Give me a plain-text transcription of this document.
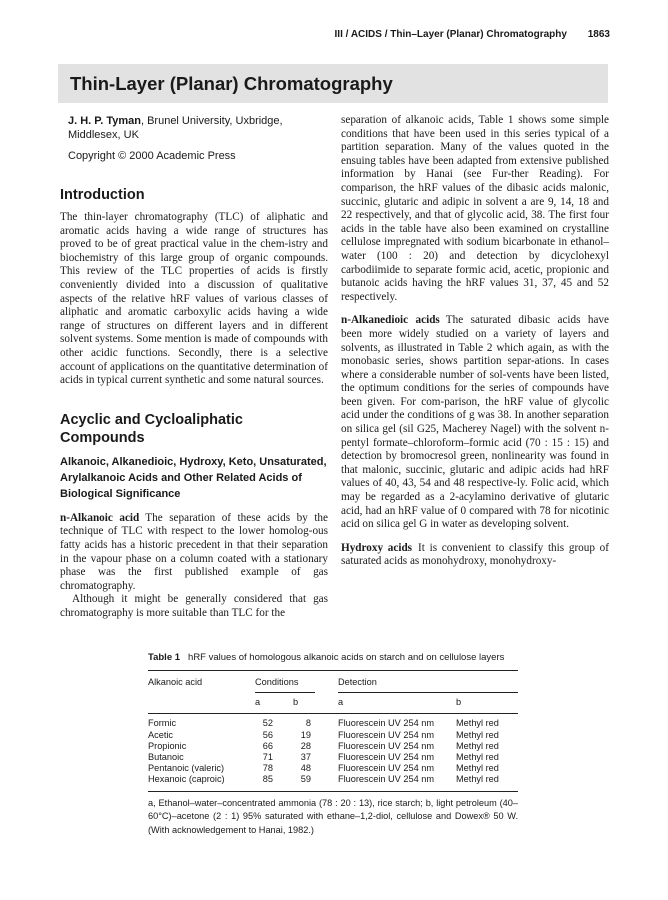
III / ACIDS / Thin–Layer (Planar) Chromatography 1863
Thin-Layer (Planar) Chromatography
J. H. P. Tyman, Brunel University, Uxbridge,
Middlesex, UK
Copyright © 2000 Academic Press
Introduction

The thin-layer chromatography (TLC) of aliphatic and aromatic acids having a wide range of structures has proved to be of great practical value in the chem-istry and biochemistry of this large group of organic compounds. This review of the TLC properties of acids is firstly conveniently divided into a discussion of qualitative aspects of the relative hRF values of various classes of aliphatic and aromatic carboxylic acids having a wide range of structures on different layers and in different solvent systems. Some mention is made of compounds with other acidic functions. Secondly, there is a selective account of applications on the quantitative determination of acids in typical current synthetic and some natural sources.

Acyclic and Cycloaliphatic Compounds
Alkanoic, Alkanedioic, Hydroxy, Keto, Unsaturated, Arylalkanoic Acids and Other Related Acids of Biological Significance

n-Alkanoic acid The separation of these acids by the technique of TLC with respect to the lower homolog-ous fatty acids has a historic precedent in that their separation in the vapour phase on a column coated with a stationary phase was the first published example of gas chromatography.

Although it might be generally considered that gas chromatography is more suitable than TLC for the

separation of alkanoic acids, Table 1 shows some simple conditions that have been used in this series typical of a partition separation. Many of the values quoted in the ensuing tables have been adapted from extensive published information by Hanai (see Fur-ther Reading). For comparison, the hRF values of the dibasic acids malonic, succinic, glutaric and adipic in solvent a are 9, 14, 18 and 22 respectively, and that of glycolic acid, 38. The first four acids in the table have also been examined on crystalline cellulose impregnated with sodium bicarbonate in ethanol–water (100 : 20) and detection by dicyclohexyl carbodiimide to separate formic acid, acetic, propionic and butanoic acids having the hRF values 31, 37, 45 and 52 respectively.

n-Alkanedioic acids The saturated dibasic acids have been more widely studied on a variety of layers and solvents, as illustrated in Table 2 which again, as with the monobasic series, shows partition separ-ations. In cases where a considerable number of sol-vents have been listed, the optimum conditions for the series of compounds have been given. For com-parison, the hRF value of glycolic acid under the conditions of g was 38. In another separation on silica gel (sil G25, Macherey Nagel) with the solvent n-pentyl formate–chloroform–formic acid (70 : 15 : 15) and detection by bromocresol green, nonlinearity was found in that malonic, succinic, glutaric and adipic acids had hRF values of 40, 43, 54 and 48 respective-ly. Folic acid, which may be regarded as a 2-acylamino derivative of glutaric acid, had an hRF value of 0 compared with 78 for nicotinic acid on silica gel G in water as developing solvent.

Hydroxy acids It is convenient to classify this group of saturated acids as monohydroxy, monohydroxy-

Table 1 hRF values of homologous alkanoic acids on starch and on cellulose layers
Alkanoic acid	Conditions		Detection	

	a	b	a	b

Formic	52	8	Fluorescein UV 254 nm	Methyl red
Acetic	56	19	Fluorescein UV 254 nm	Methyl red
Propionic	66	28	Fluorescein UV 254 nm	Methyl red
Butanoic	71	37	Fluorescein UV 254 nm	Methyl red
Pentanoic (valeric)	78	48	Fluorescein UV 254 nm	Methyl red
Hexanoic (caproic)	85	59	Fluorescein UV 254 nm	Methyl red
a, Ethanol–water–concentrated ammonia (78 : 20 : 13), rice starch; b, light petroleum (40–60°C)–acetone (2 : 1) 95% saturated with ethane–1,2-diol, cellulose and Dowex® 50 W. (With acknowledgement to Hanai, 1982.)
